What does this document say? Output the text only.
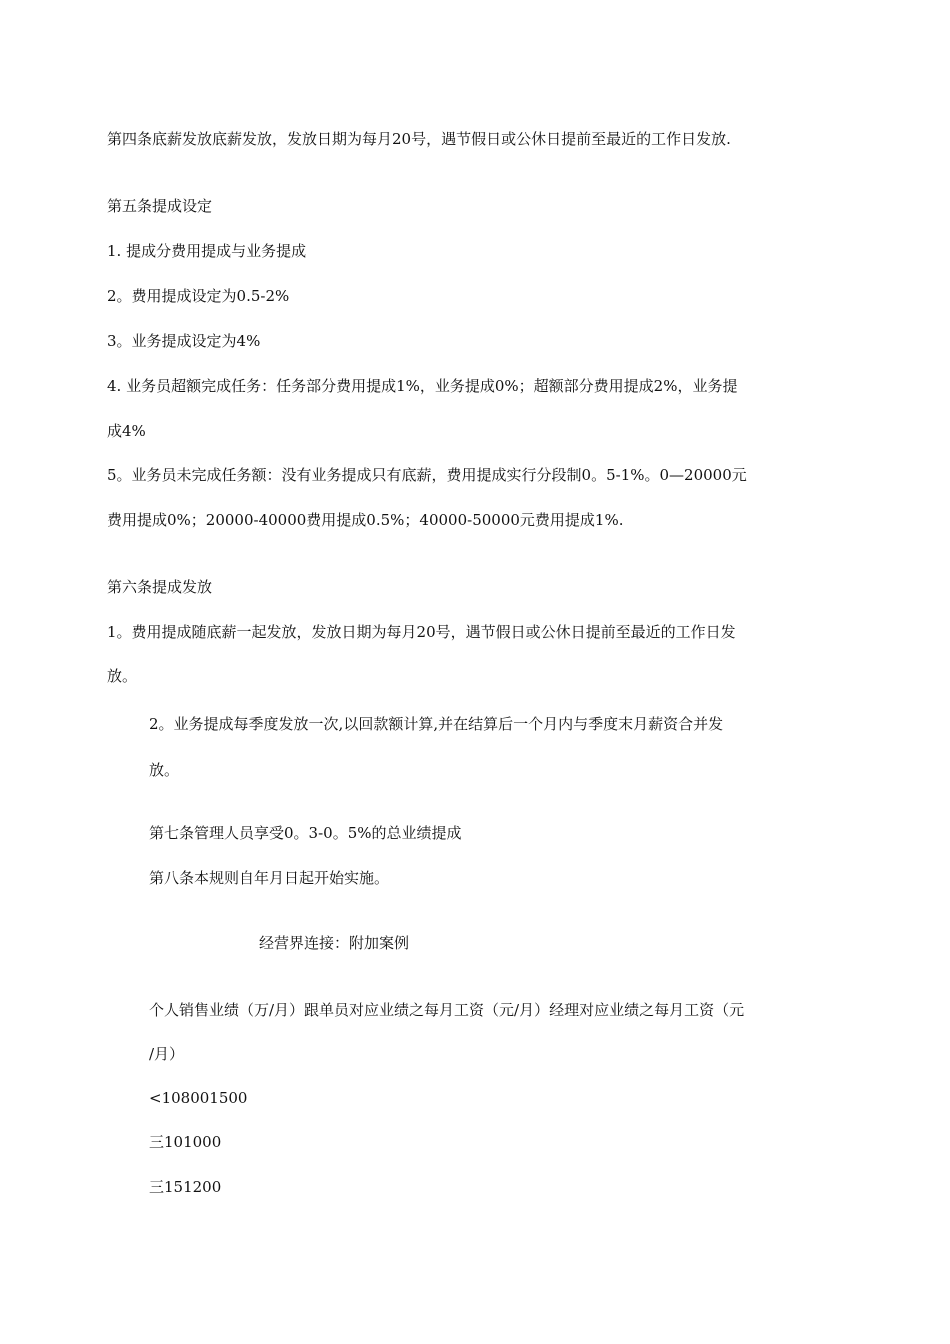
第四条底薪发放底薪发放，发放日期为每月20号，遇节假日或公休日提前至最近的工作日发放.
第五条提成设定
1. 提成分费用提成与业务提成
2。费用提成设定为0.5-2%
3。业务提成设定为4%
4. 业务员超额完成任务：任务部分费用提成1%，业务提成0%；超额部分费用提成2%，业务提
成4%
5。业务员未完成任务额：没有业务提成只有底薪，费用提成实行分段制0。5-1%。0—20000元
费用提成0%；20000-40000费用提成0.5%；40000-50000元费用提成1%.
第六条提成发放
1。费用提成随底薪一起发放，发放日期为每月20号，遇节假日或公休日提前至最近的工作日发
放。
2。业务提成每季度发放一次,以回款额计算,并在结算后一个月内与季度末月薪资合并发
放。
第七条管理人员享受0。3-0。5%的总业绩提成
第八条本规则自年月日起开始实施。
经营界连接：附加案例
个人销售业绩（万/月）跟单员对应业绩之每月工资（元/月）经理对应业绩之每月工资（元
/月）
<108001500
三101000
三151200
